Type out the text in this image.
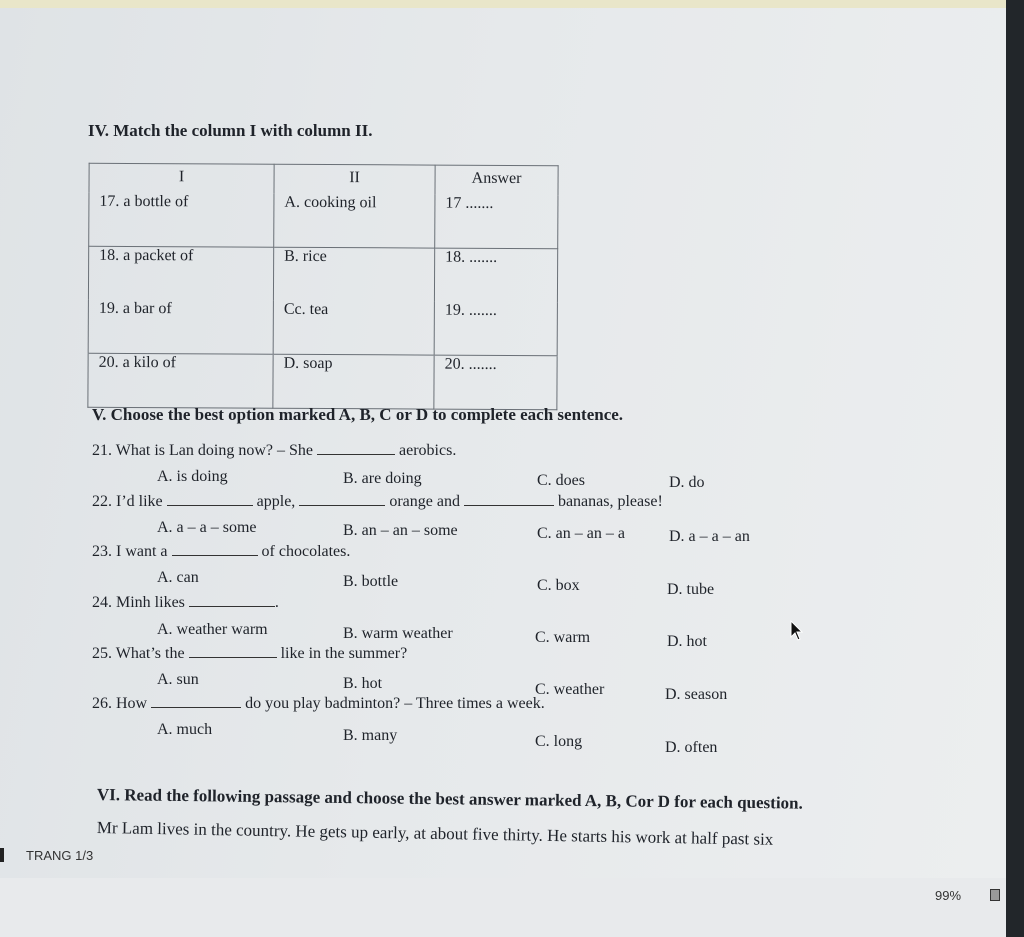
IV. Match the column I with column II.
I	II	Answer
17. a bottle of	A. cooking oil	17 .......
18. a packet of	B. rice	18. .......
19. a bar of	Cc. tea	19. .......
20. a kilo of	D. soap	20. .......
V. Choose the best option marked A, B, C or D to complete each sentence.
21. What is Lan doing now? – She	aerobics.
A. is doing	B. are doing	C. does	D. do
22. I’d like	apple,	orange and	bananas, please!
A. a – a – some	B. an – an – some	C. an – an – a	D. a – a – an
23. I want a	of chocolates.
A. can	B. bottle	C. box	D. tube
24. Minh likes	.
A. weather warm	B. warm weather	C. warm	D. hot
25. What’s the	like in the summer?
A. sun	B. hot	C. weather	D. season
26. How	do you play badminton? – Three times a week.
A. much	B. many	C. long	D. often
VI. Read the following passage and choose the best answer marked A, B, Cor D for each question.
Mr Lam lives in the country. He gets up early, at about five thirty. He starts his work at half past six
TRANG 1/3
99%
